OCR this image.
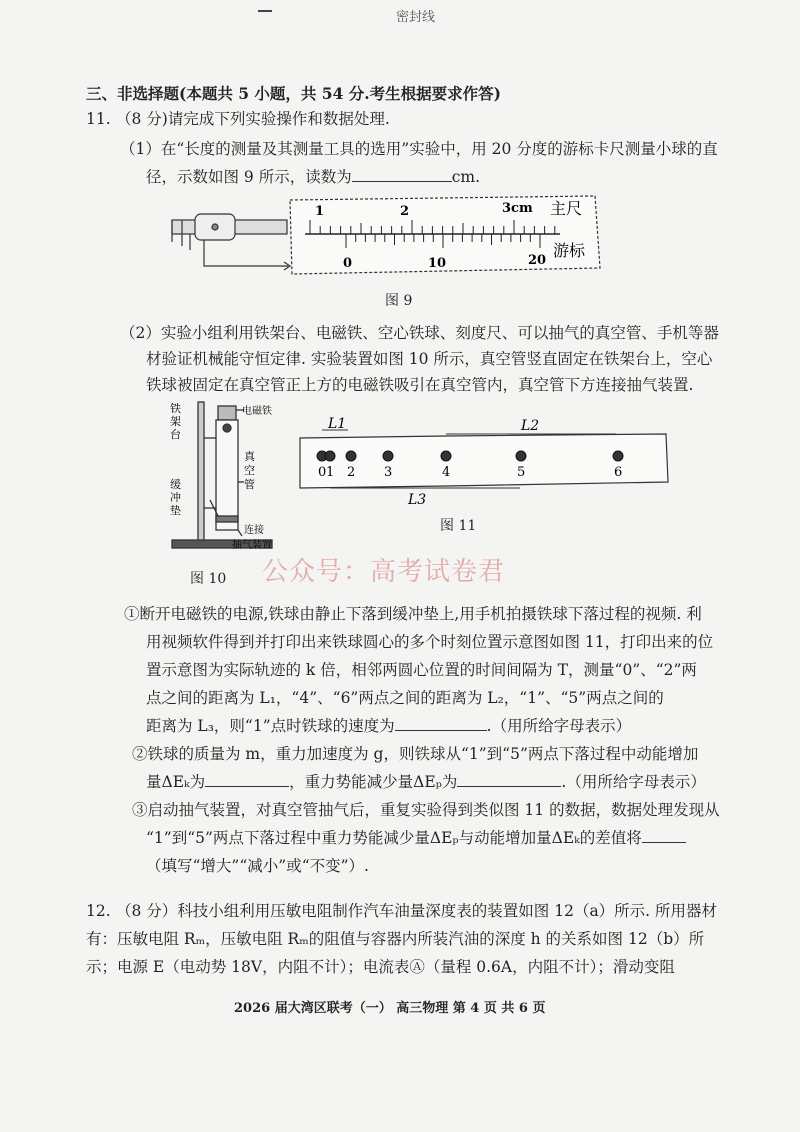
密封线
三、非选择题(本题共 5 小题，共 54 分.考生根据要求作答)
11. （8 分)请完成下列实验操作和数据处理.
（1）在“长度的测量及其测量工具的选用”实验中，用 20 分度的游标卡尺测量小球的直
径，示数如图 9 所示，读数为	cm.
1	2	3cm 主尺
0	10	20
游标
图 9
（2）实验小组利用铁架台、电磁铁、空心铁球、刻度尺、可以抽气的真空管、手机等器
材验证机械能守恒定律. 实验装置如图 10 所示，真空管竖直固定在铁架台上，空心
铁球被固定在真空管正上方的电磁铁吸引在真空管内，真空管下方连接抽气装置.
铁
架
台
电磁铁
真
空
管
缓
冲
垫
连接
抽气装置
图 10
0 1 2 3	4	5	6
L1	L2
L3
图 11
公众号：高考试卷君
①断开电磁铁的电源,铁球由静止下落到缓冲垫上,用手机拍摄铁球下落过程的视频. 利
用视频软件得到并打印出来铁球圆心的多个时刻位置示意图如图 11，打印出来的位
置示意图为实际轨迹的 k 倍，相邻两圆心位置的时间间隔为 T，测量“0”、“2”两
点之间的距离为 L₁，“4”、“6”两点之间的距离为 L₂，“1”、“5”两点之间的
距离为 L₃，则“1”点时铁球的速度为	.（用所给字母表示）
②铁球的质量为 m，重力加速度为 g，则铁球从“1”到“5”两点下落过程中动能增加
量ΔEₖ为	，重力势能减少量ΔEₚ为	.（用所给字母表示）
③启动抽气装置，对真空管抽气后，重复实验得到类似图 11 的数据，数据处理发现从
“1”到“5”两点下落过程中重力势能减少量ΔEₚ与动能增加量ΔEₖ的差值将
（填写“增大”“减小”或“不变”）.
12. （8 分）科技小组利用压敏电阻制作汽车油量深度表的装置如图 12（a）所示. 所用器材
有：压敏电阻 Rₘ，压敏电阻 Rₘ的阻值与容器内所装汽油的深度 h 的关系如图 12（b）所
示；电源 E（电动势 18V，内阻不计）；电流表Ⓐ（量程 0.6A，内阻不计）；滑动变阻
2026 届大湾区联考（一） 高三物理 第 4 页 共 6 页
